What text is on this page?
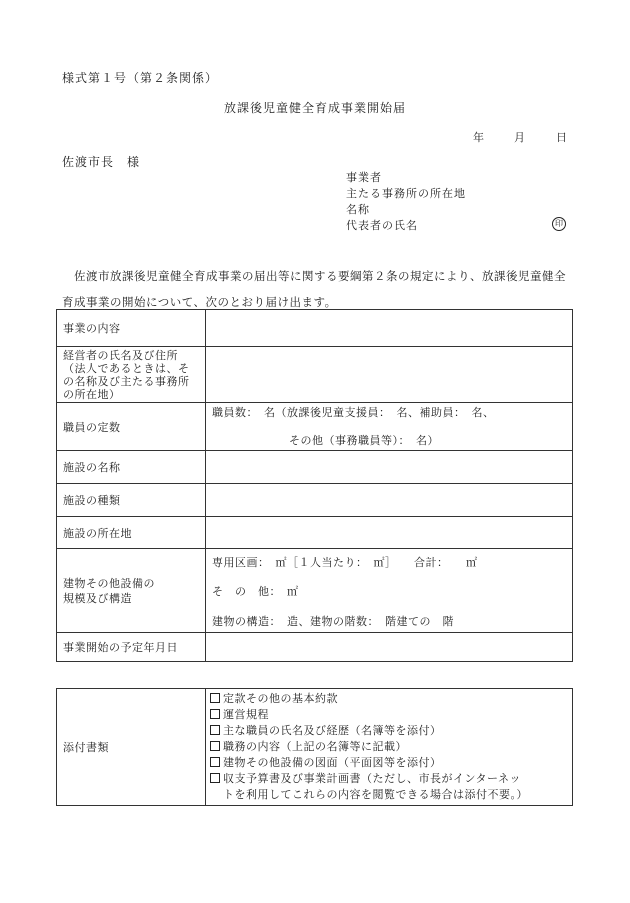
様式第１号（第２条関係）
放課後児童健全育成事業開始届
年	月	日
佐渡市長　様
事業者
主たる事務所の所在地
名称
代表者の氏名	印
佐渡市放課後児童健全育成事業の届出等に関する要綱第２条の規定により、放課後児童健全育成事業の開始について、次のとおり届け出ます。
事業の内容	
経営者の氏名及び住所（法人であるときは、その名称及び主たる事務所の所在地）	
職員の定数	職員数：　名（放課後児童支援員：　名、補助員：　名、
その他（事務職員等）：　名）

施設の名称	
施設の種類	
施設の所在地	
建物その他設備の
規模及び構造	専用区画：　㎡［１人当たり：　㎡］　　合計：　　㎡
そ　の　他：　㎡
建物の構造：　造、建物の階数：　階建ての　階

事業開始の予定年月日	
添付書類	
定款その他の基本約款
運営規程
主な職員の氏名及び経歴（名簿等を添付）
職務の内容（上記の名簿等に記載）
建物その他設備の図面（平面図等を添付）
収支予算書及び事業計画書（ただし、市長がインターネッ
トを利用してこれらの内容を閲覧できる場合は添付不要。）
